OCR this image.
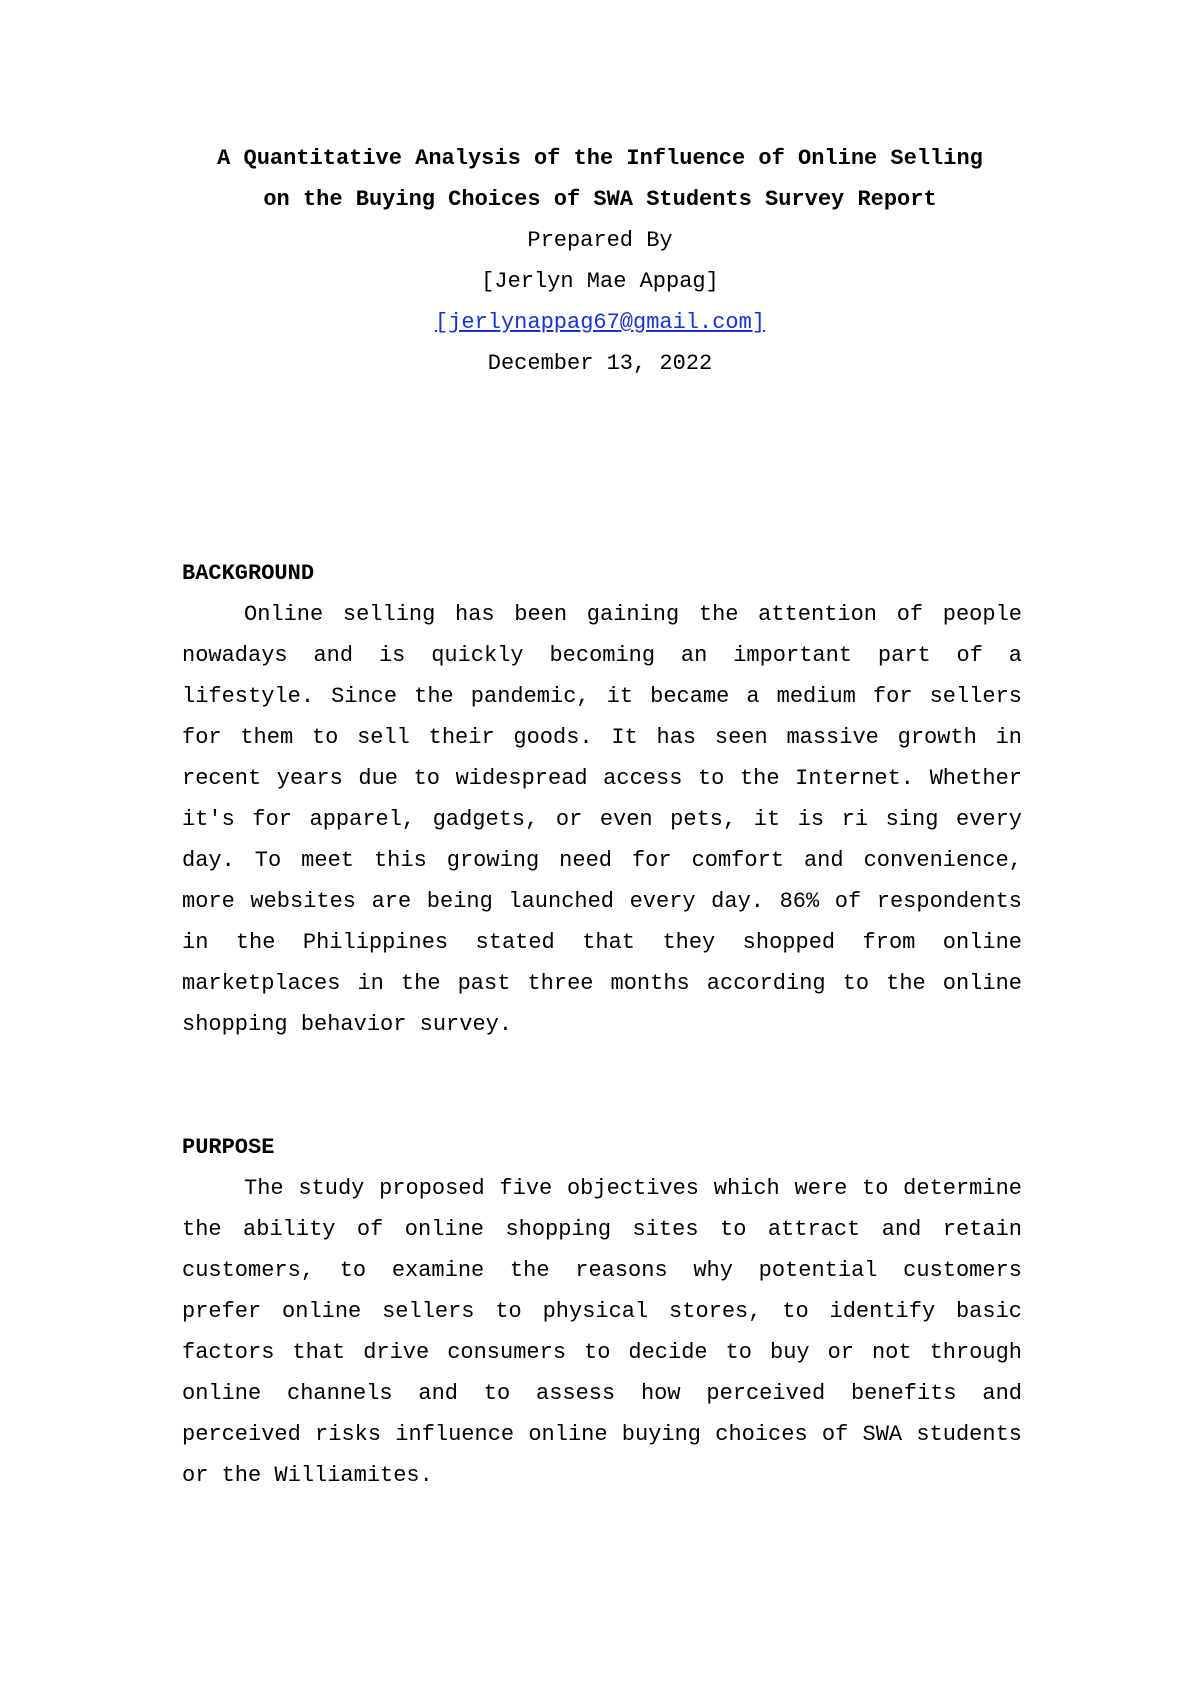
A Quantitative Analysis of the Influence of Online Selling on the Buying Choices of SWA Students Survey Report

Prepared By

[Jerlyn Mae Appag]

[jerlynappag67@gmail.com]

December 13, 2022

BACKGROUND

Online selling has been gaining the attention of people nowadays and is quickly becoming an important part of a lifestyle. Since the pandemic, it became a medium for sellers for them to sell their goods. It has seen massive growth in recent years due to widespread access to the Internet. Whether it's for apparel, gadgets, or even pets, it is ri sing every day. To meet this growing need for comfort and convenience, more websites are being launched every day. 86% of respondents in the Philippines stated that they shopped from online marketplaces in the past three months according to the online shopping behavior survey.

PURPOSE

The study proposed five objectives which were to determine the ability of online shopping sites to attract and retain customers, to examine the reasons why potential customers prefer online sellers to physical stores, to identify basic factors that drive consumers to decide to buy or not through online channels and to assess how perceived benefits and perceived risks influence online buying choices of SWA students or the Williamites.
